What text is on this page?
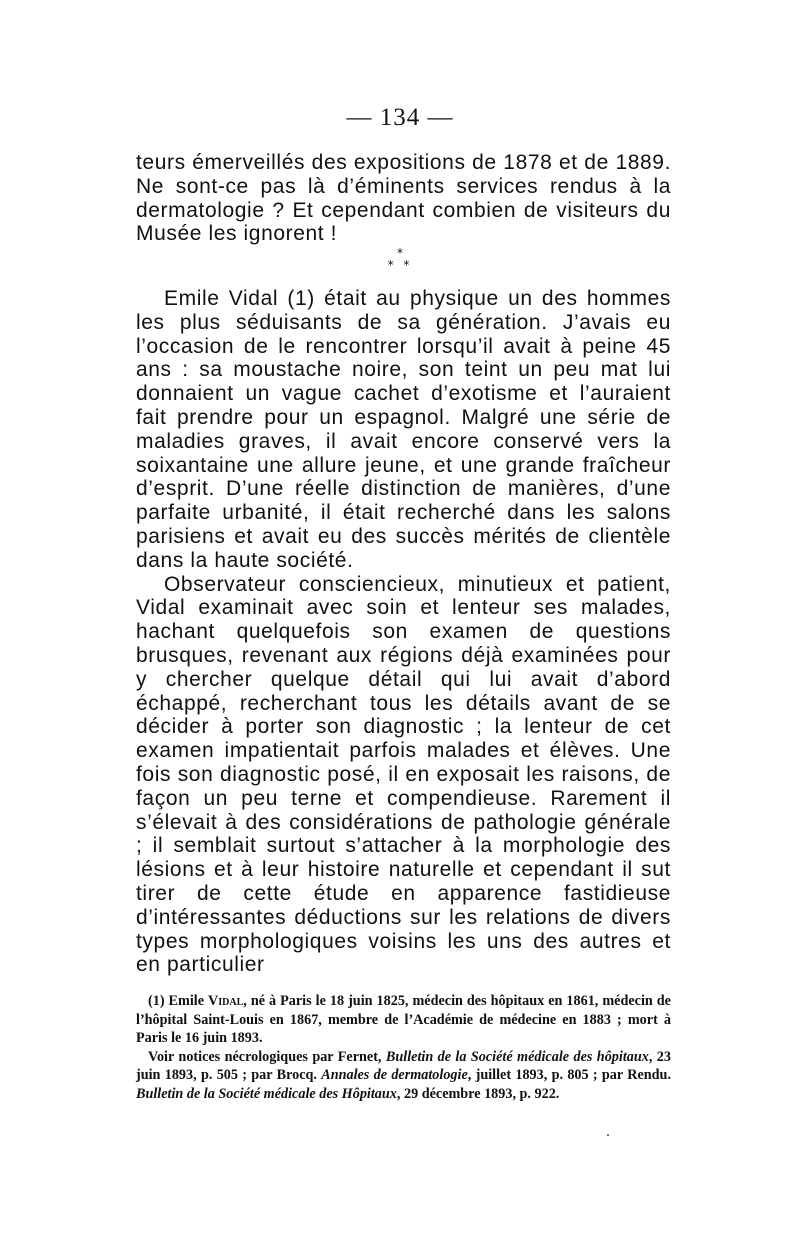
— 134 —

teurs émerveillés des expositions de 1878 et de 1889. Ne sont-ce pas là d’éminents services rendus à la dermatologie ? Et cependant combien de visiteurs du Musée les ignorent !

*
* *

Emile Vidal (1) était au physique un des hommes les plus séduisants de sa génération. J’avais eu l’occasion de le rencontrer lorsqu’il avait à peine 45 ans : sa moustache noire, son teint un peu mat lui donnaient un vague cachet d’exotisme et l’auraient fait prendre pour un espagnol. Malgré une série de maladies graves, il avait encore conservé vers la soixantaine une allure jeune, et une grande fraîcheur d’esprit. D’une réelle distinction de manières, d’une parfaite urbanité, il était recherché dans les salons parisiens et avait eu des succès mérités de clientèle dans la haute société.

Observateur consciencieux, minutieux et patient, Vidal examinait avec soin et lenteur ses malades, hachant quelquefois son examen de questions brusques, revenant aux régions déjà examinées pour y chercher quelque détail qui lui avait d’abord échappé, recherchant tous les détails avant de se décider à porter son diagnostic ; la lenteur de cet examen impatientait parfois malades et élèves. Une fois son diagnostic posé, il en exposait les raisons, de façon un peu terne et compendieuse. Rarement il s’élevait à des considérations de pathologie générale ; il semblait surtout s’attacher à la morphologie des lésions et à leur histoire naturelle et cependant il sut tirer de cette étude en apparence fastidieuse d’intéressantes déductions sur les relations de divers types morphologiques voisins les uns des autres et en particulier

(1) Emile Vidal, né à Paris le 18 juin 1825, médecin des hôpitaux en 1861, médecin de l’hôpital Saint-Louis en 1867, membre de l’Académie de médecine en 1883 ; mort à Paris le 16 juin 1893.

Voir notices nécrologiques par Fernet, Bulletin de la Société médicale des hôpitaux, 23 juin 1893, p. 505 ; par Brocq. Annales de dermatologie, juillet 1893, p. 805 ; par Rendu. Bulletin de la Société médicale des Hôpitaux, 29 décembre 1893, p. 922.
